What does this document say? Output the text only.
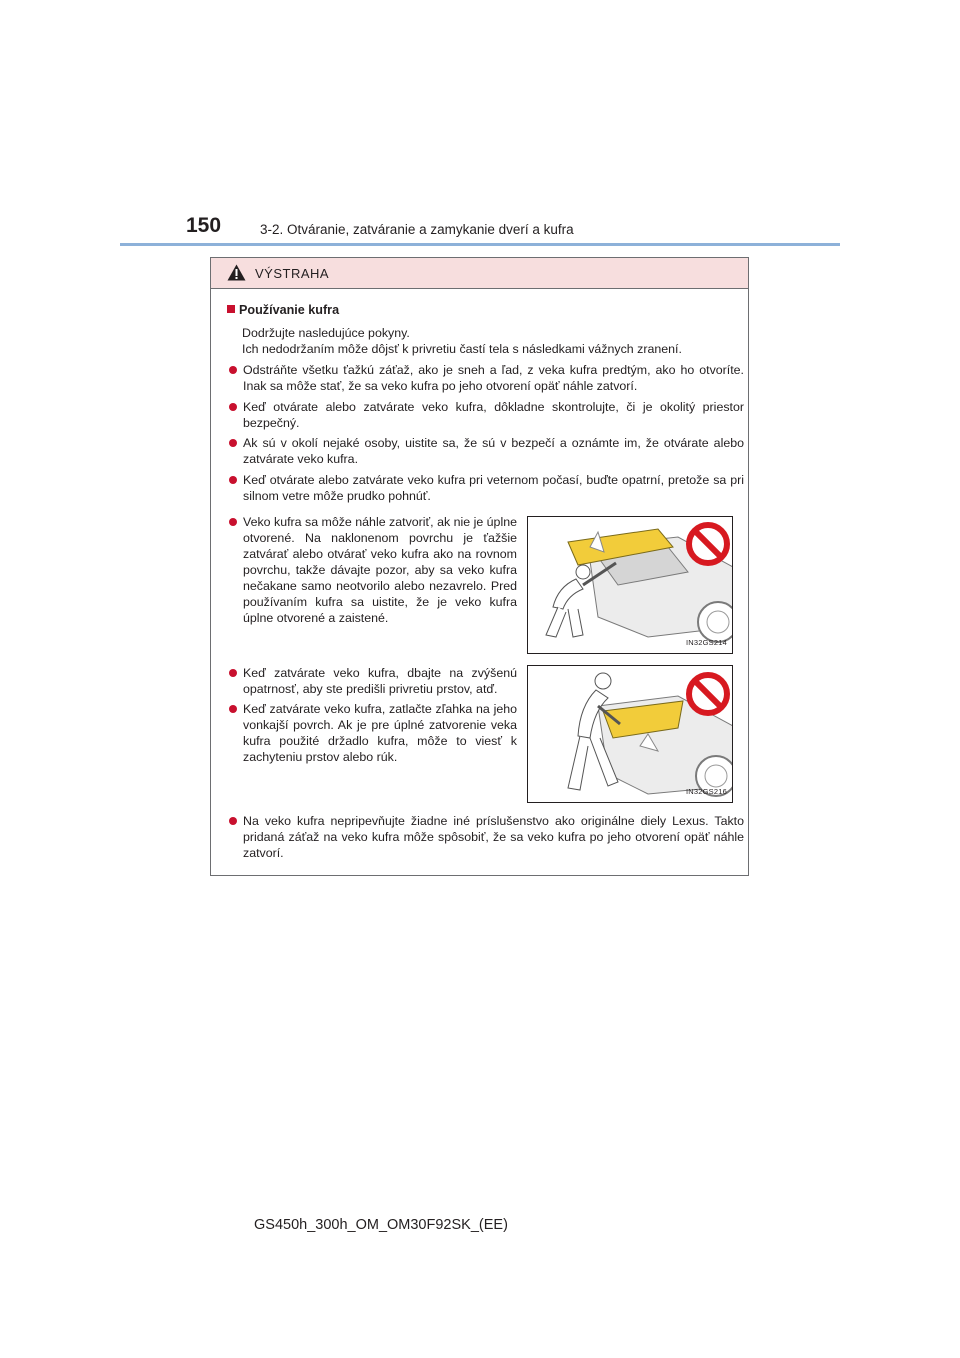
150	3-2. Otváranie, zatváranie a zamykanie dverí a kufra
VÝSTRAHA
Používanie kufra
Dodržujte nasledujúce pokyny.
Ich nedodržaním môže dôjsť k privretiu častí tela s následkami vážnych zranení.
Odstráňte všetku ťažkú záťaž, ako je sneh a ľad, z veka kufra predtým, ako ho otvoríte. Inak sa môže stať, že sa veko kufra po jeho otvorení opäť náhle zatvorí.
Keď otvárate alebo zatvárate veko kufra, dôkladne skontrolujte, či je okolitý priestor bezpečný.
Ak sú v okolí nejaké osoby, uistite sa, že sú v bezpečí a oznámte im, že otvárate alebo zatvárate veko kufra.
Keď otvárate alebo zatvárate veko kufra pri veternom počasí, buďte opatrní, pretože sa pri silnom vetre môže prudko pohnúť.
Veko kufra sa môže náhle zatvoriť, ak nie je úplne otvorené. Na naklonenom povrchu je ťažšie zatvárať alebo otvárať veko kufra ako na rovnom povrchu, takže dávajte pozor, aby sa veko kufra nečakane samo neotvorilo alebo nezavrelo. Pred používaním kufra sa uistite, že je veko kufra úplne otvorené a zaistené.
IN32GS214
Keď zatvárate veko kufra, dbajte na zvýšenú opatrnosť, aby ste predišli privretiu prstov, atď.
Keď zatvárate veko kufra, zatlačte zľahka na jeho vonkajší povrch. Ak je pre úplné zatvorenie veka kufra použité držadlo kufra, môže to viesť k zachyteniu prstov alebo rúk.
IN32GS216
Na veko kufra nepripevňujte žiadne iné príslušenstvo ako originálne diely Lexus. Takto pridaná záťaž na veko kufra môže spôsobiť, že sa veko kufra po jeho otvorení opäť náhle zatvorí.
GS450h_300h_OM_OM30F92SK_(EE)
